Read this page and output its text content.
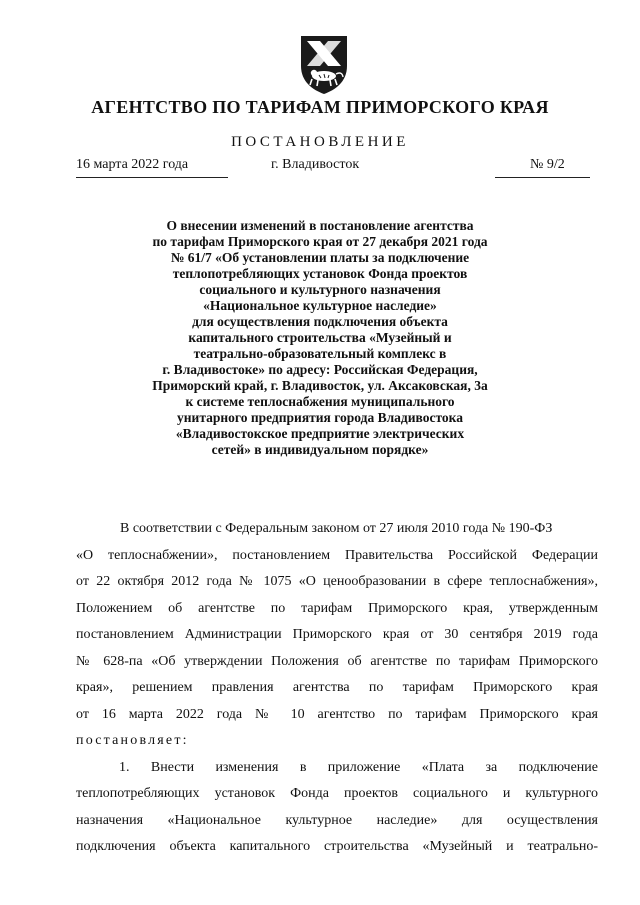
АГЕНТСТВО ПО ТАРИФАМ ПРИМОРСКОГО КРАЯ
ПОСТАНОВЛЕНИЕ
16 марта 2022 года	г. Владивосток	№ 9/2
О внесении изменений в постановление агентства
по тарифам Приморского края от 27 декабря 2021 года
№ 61/7 «Об установлении платы за подключение
теплопотребляющих установок Фонда проектов
социального и культурного назначения
«Национальное культурное наследие»
для осуществления подключения объекта
капитального строительства «Музейный и
театрально-образовательный комплекс в
г. Владивостоке» по адресу: Российская Федерация,
Приморский край, г. Владивосток, ул. Аксаковская, 3а
к системе теплоснабжения муниципального
унитарного предприятия города Владивостока
«Владивостокское предприятие электрических
сетей» в индивидуальном порядке»
В соответствии с Федеральным законом от 27 июля 2010 года № 190-ФЗ
«О теплоснабжении», постановлением Правительства Российской Федерации
от 22 октября 2012 года № 1075 «О ценообразовании в сфере теплоснабжения»,
Положением об агентстве по тарифам Приморского края, утвержденным
постановлением Администрации Приморского края от 30 сентября 2019 года
№ 628-па «Об утверждении Положения об агентстве по тарифам Приморского
края», решением правления агентства по тарифам Приморского края
от 16 марта 2022 года № 10 агентство по тарифам Приморского края
постановляет:
1. Внести изменения в приложение «Плата за подключение
теплопотребляющих установок Фонда проектов социального и культурного
назначения «Национальное культурное наследие» для осуществления
подключения объекта капитального строительства «Музейный и театрально-
